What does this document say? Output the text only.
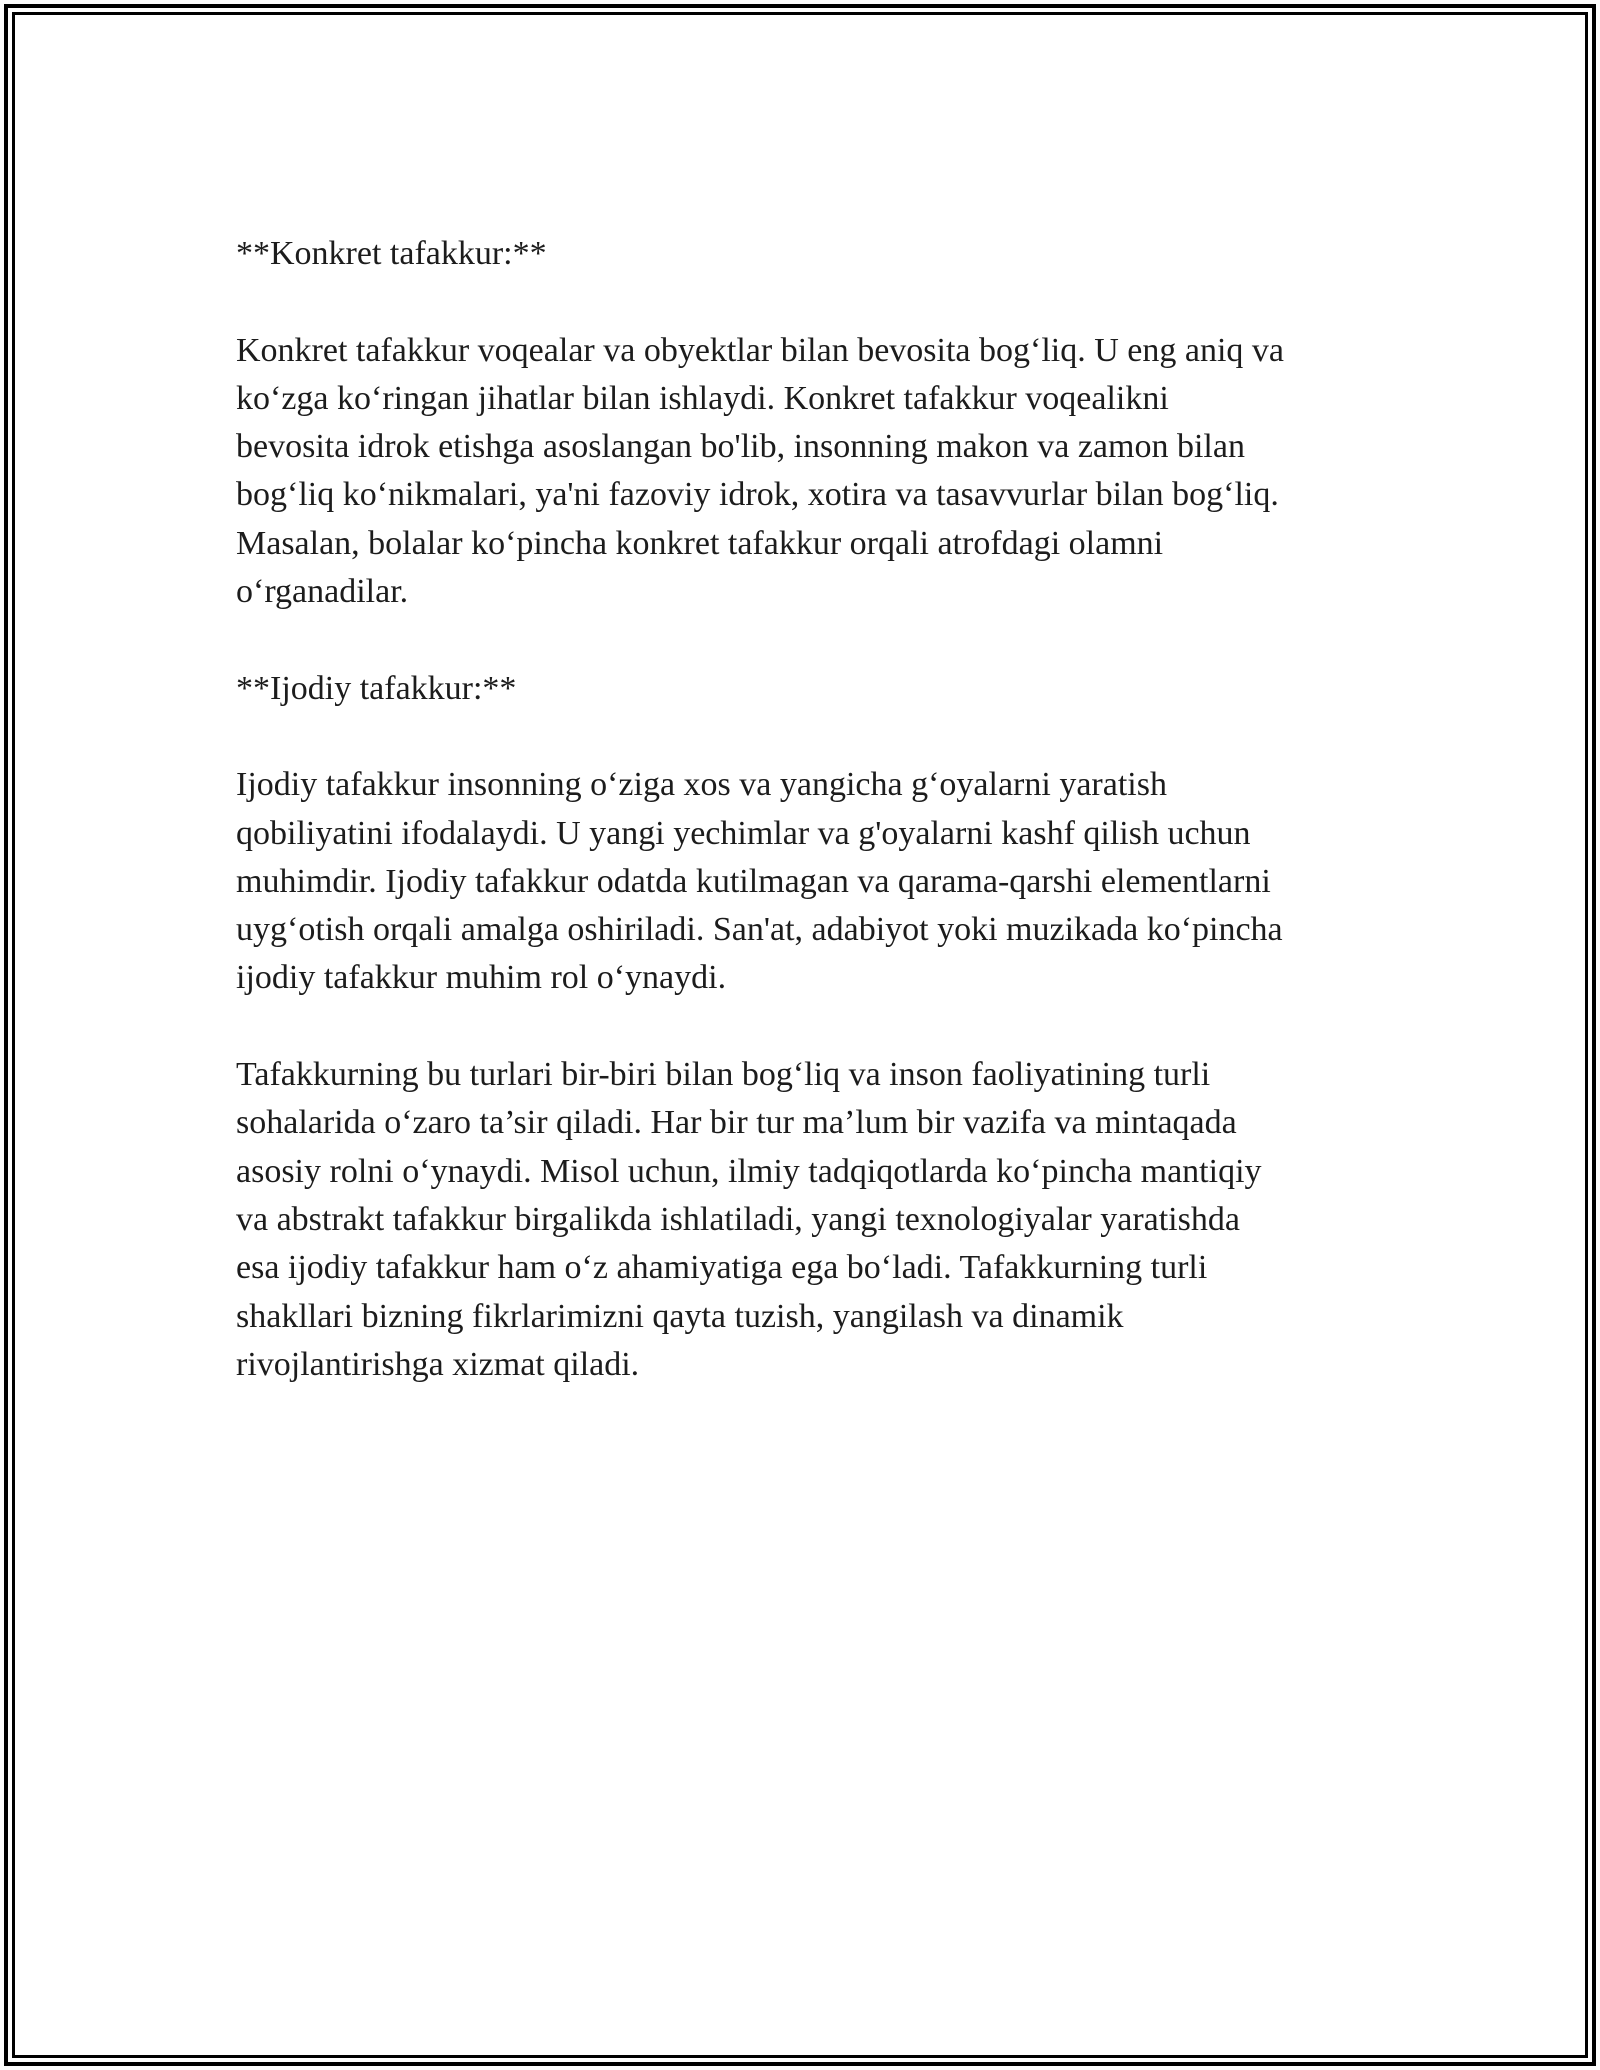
**Konkret tafakkur:**

Konkret tafakkur voqealar va obyektlar bilan bevosita bog‘liq. U eng aniq va
ko‘zga ko‘ringan jihatlar bilan ishlaydi. Konkret tafakkur voqealikni
bevosita idrok etishga asoslangan bo'lib, insonning makon va zamon bilan
bog‘liq ko‘nikmalari, ya'ni fazoviy idrok, xotira va tasavvurlar bilan bog‘liq.
Masalan, bolalar ko‘pincha konkret tafakkur orqali atrofdagi olamni
o‘rganadilar.

**Ijodiy tafakkur:**

Ijodiy tafakkur insonning o‘ziga xos va yangicha g‘oyalarni yaratish
qobiliyatini ifodalaydi. U yangi yechimlar va g'oyalarni kashf qilish uchun
muhimdir. Ijodiy tafakkur odatda kutilmagan va qarama-qarshi elementlarni
uyg‘otish orqali amalga oshiriladi. San'at, adabiyot yoki muzikada ko‘pincha
ijodiy tafakkur muhim rol o‘ynaydi.

Tafakkurning bu turlari bir-biri bilan bog‘liq va inson faoliyatining turli
sohalarida o‘zaro ta’sir qiladi. Har bir tur ma’lum bir vazifa va mintaqada
asosiy rolni o‘ynaydi. Misol uchun, ilmiy tadqiqotlarda ko‘pincha mantiqiy
va abstrakt tafakkur birgalikda ishlatiladi, yangi texnologiyalar yaratishda
esa ijodiy tafakkur ham o‘z ahamiyatiga ega bo‘ladi. Tafakkurning turli
shakllari bizning fikrlarimizni qayta tuzish, yangilash va dinamik
rivojlantirishga xizmat qiladi.
